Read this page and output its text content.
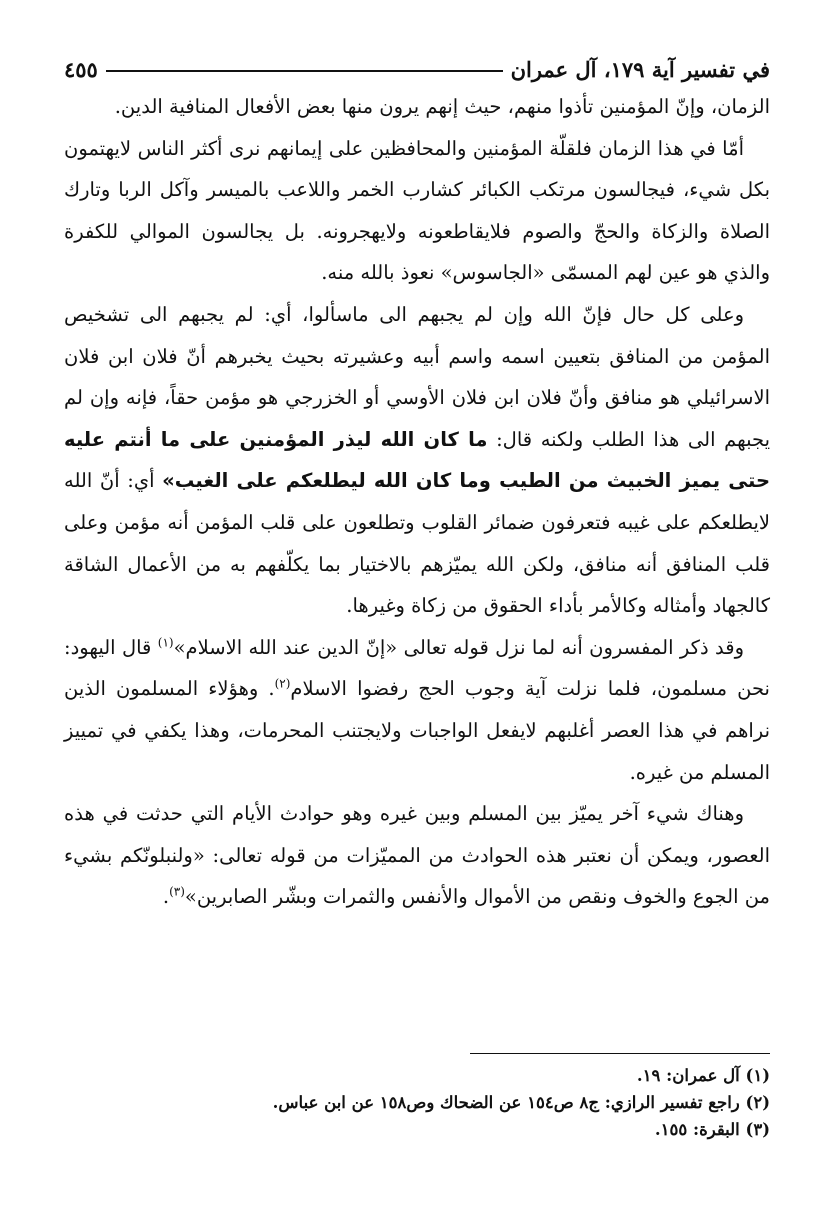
في تفسير آية ١٧٩، آل عمران
٤٥٥

الزمان، وإنّ المؤمنين تأذوا منهم، حيث إنهم يرون منها بعض الأفعال المنافية الدين.

أمّا في هذا الزمان فلقلّة المؤمنين والمحافظين على إيمانهم نرى أكثر الناس لايهتمون بكل شيء، فيجالسون مرتكب الكبائر كشارب الخمر واللاعب بالميسر وآكل الربا وتارك الصلاة والزكاة والحجّ والصوم فلايقاطعونه ولايهجرونه. بل يجالسون الموالي للكفرة والذي هو عين لهم المسمّى «الجاسوس» نعوذ بالله منه.

وعلى كل حال فإنّ الله وإن لم يجبهم الى ماسألوا، أي: لم يجبهم الى تشخيص المؤمن من المنافق بتعيين اسمه واسم أبيه وعشيرته بحيث يخبرهم أنّ فلان ابن فلان الاسرائيلي هو منافق وأنّ فلان ابن فلان الأوسي أو الخزرجي هو مؤمن حقاً، فإنه وإن لم يجبهم الى هذا الطلب ولكنه قال: ما كان الله ليذر المؤمنين على ما أنتم عليه حتى يميز الخبيث من الطيب وما كان الله ليطلعكم على الغيب» أي: أنّ الله لايطلعكم على غيبه فتعرفون ضمائر القلوب وتطلعون على قلب المؤمن أنه مؤمن وعلى قلب المنافق أنه منافق، ولكن الله يميّزهم بالاختيار بما يكلّفهم به من الأعمال الشاقة كالجهاد وأمثاله وكالأمر بأداء الحقوق من زكاة وغيرها.

وقد ذكر المفسرون أنه لما نزل قوله تعالى «إنّ الدين عند الله الاسلام»$^{(١)}$ قال اليهود: نحن مسلمون، فلما نزلت آية وجوب الحج رفضوا الاسلام$^{(٢)}$. وهؤلاء المسلمون الذين نراهم في هذا العصر أغلبهم لايفعل الواجبات ولايجتنب المحرمات، وهذا يكفي في تمييز المسلم من غيره.

وهناك شيء آخر يميّز بين المسلم وبين غيره وهو حوادث الأيام التي حدثت في هذه العصور، ويمكن أن نعتبر هذه الحوادث من المميّزات من قوله تعالى: «ولنبلونّكم بشيء من الجوع والخوف ونقص من الأموال والأنفس والثمرات وبشّر الصابرين»$^{(٣)}$.

(١) آل عمران: ١٩.
(٢) راجع تفسير الرازي: ج٨ ص١٥٤ عن الضحاك وص١٥٨ عن ابن عباس.
(٣) البقرة: ١٥٥.
